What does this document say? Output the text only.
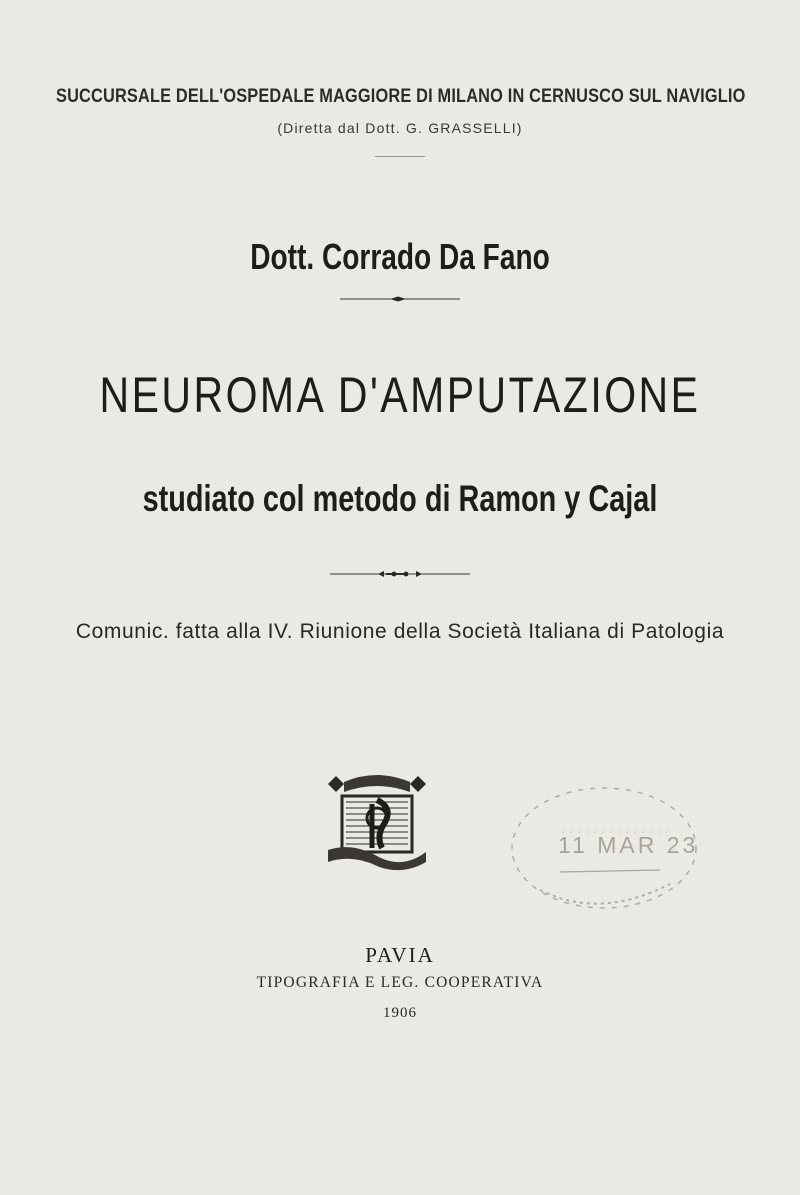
SUCCURSALE DELL'OSPEDALE MAGGIORE DI MILANO IN CERNUSCO SUL NAVIGLIO
(Diretta dal Dott. G. GRASSELLI)
Dott. Corrado Da Fano
NEUROMA D'AMPUTAZIONE
studiato col metodo di Ramon y Cajal
Comunic. fatta alla IV. Riunione della Società Italiana di Patologia
11 MAR 23
PAVIA
TIPOGRAFIA E LEG. COOPERATIVA
1906
